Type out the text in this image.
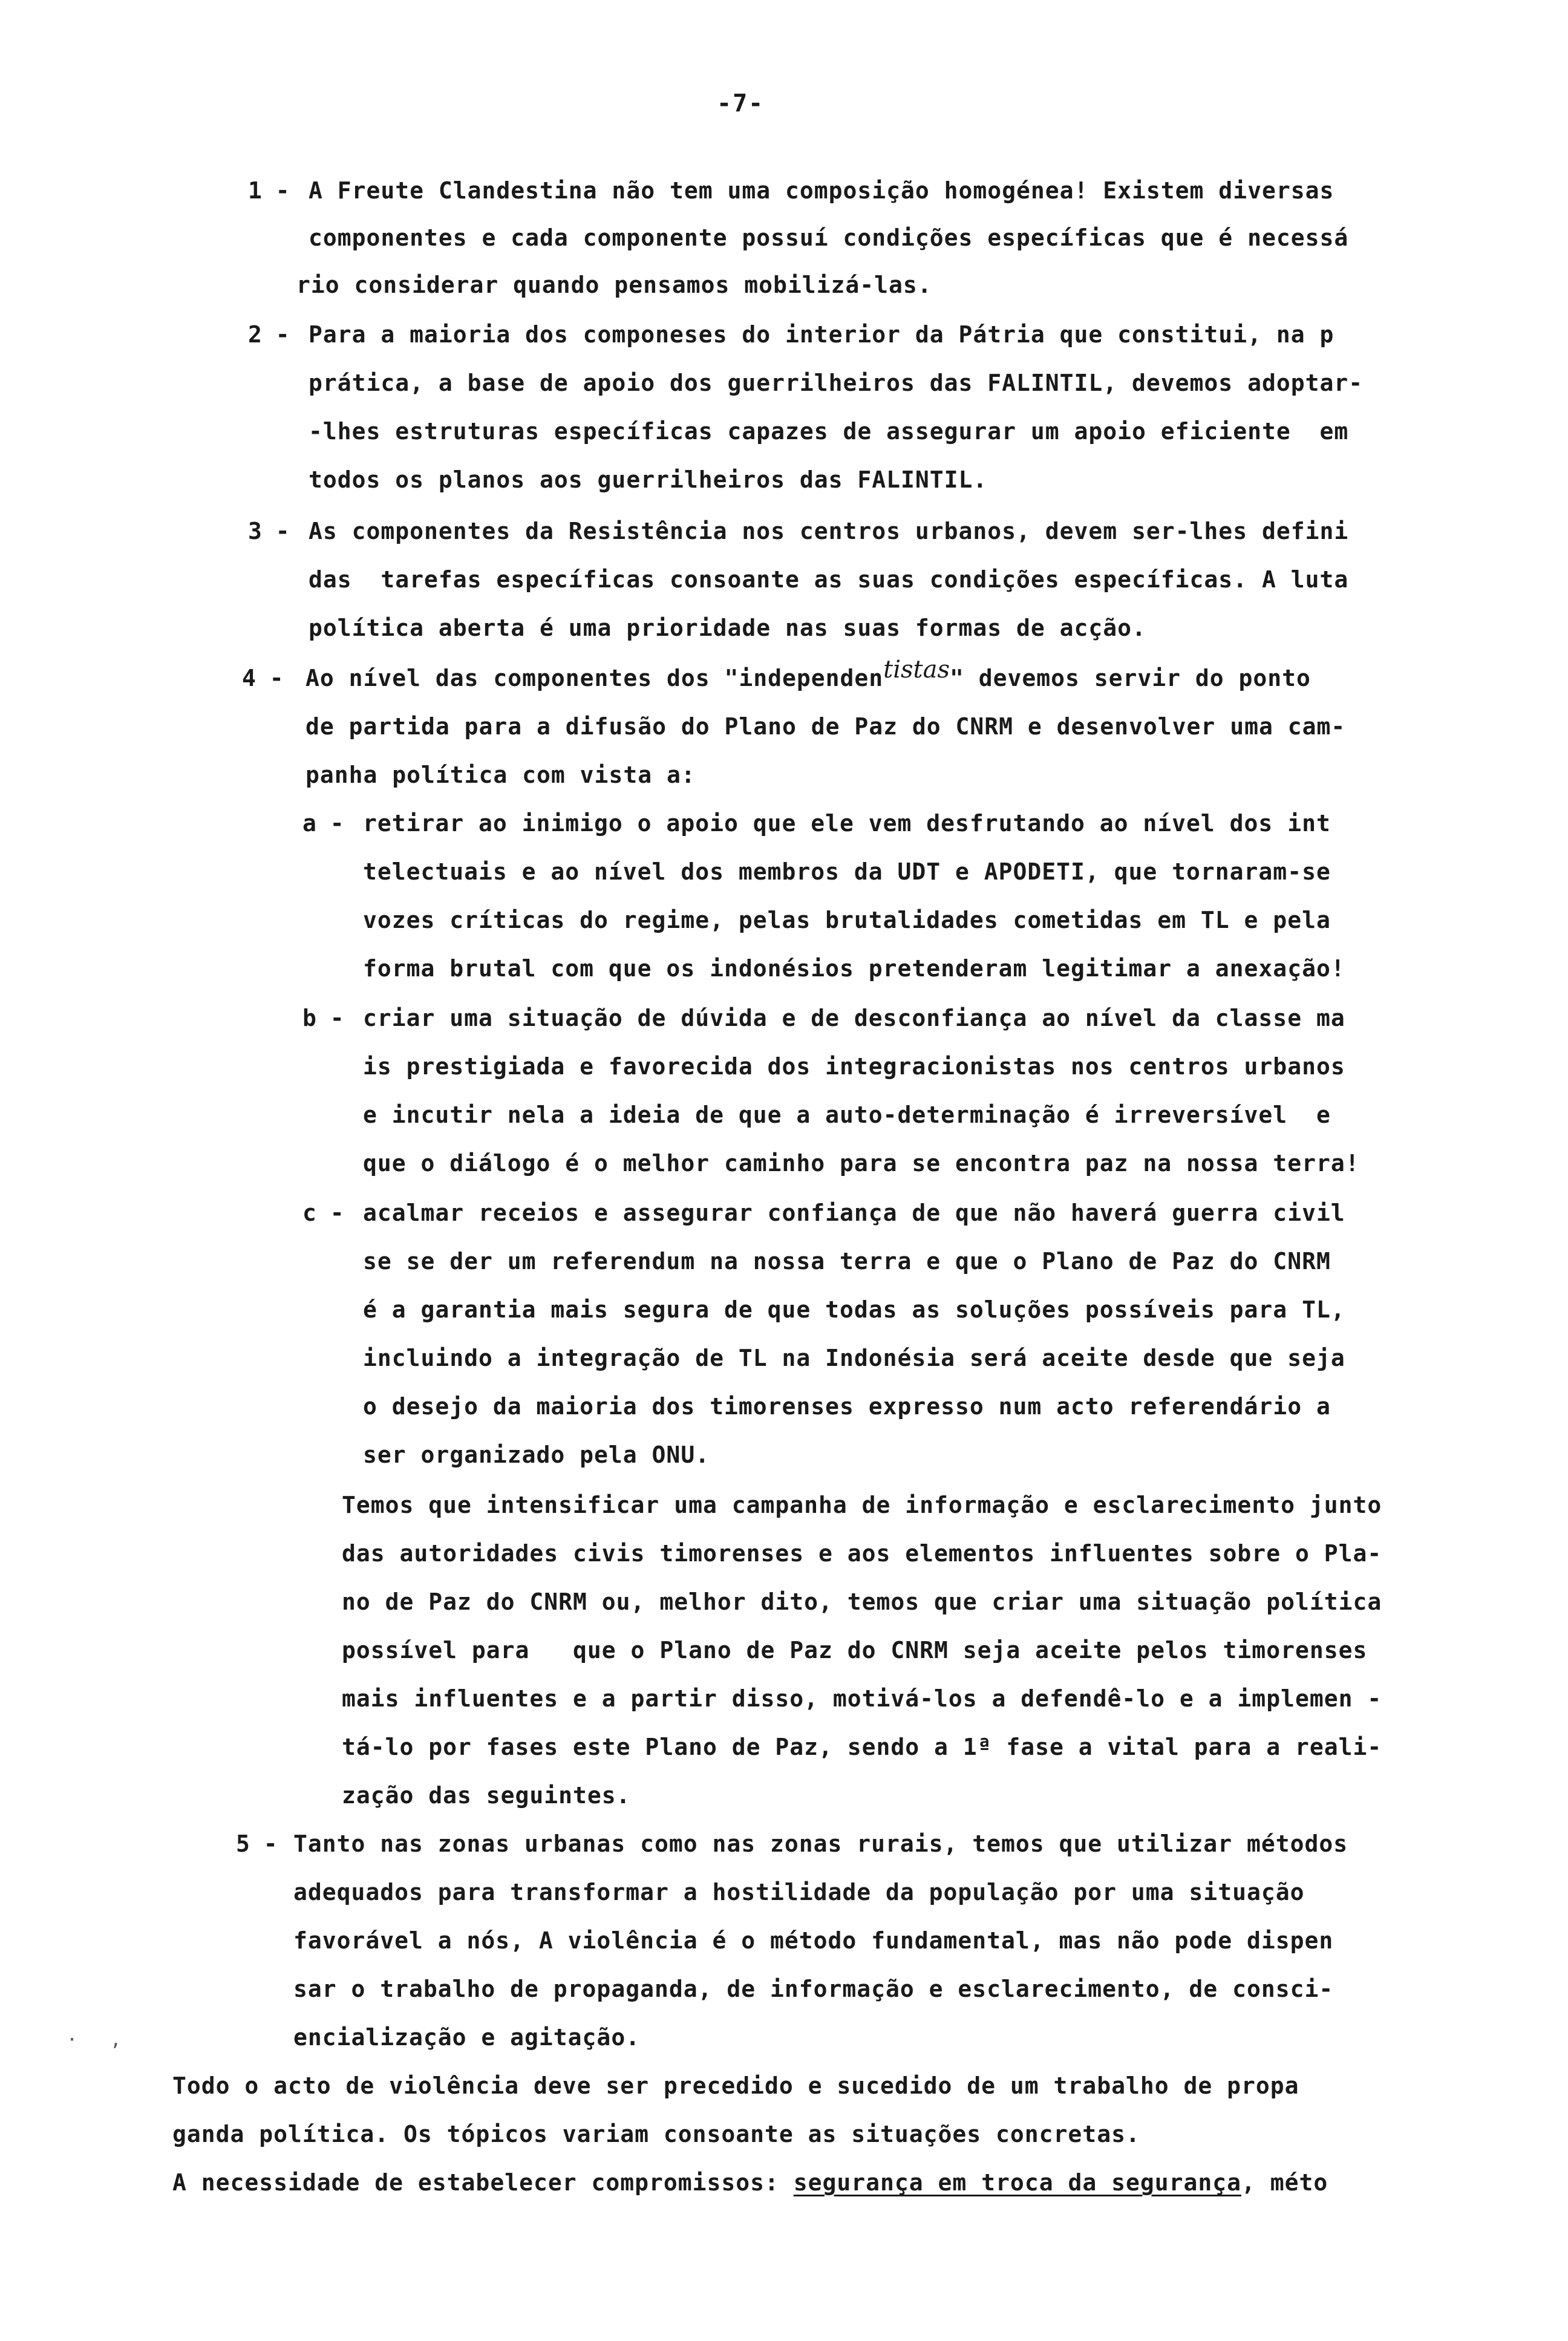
-7-
1 - A Freute Clandestina não tem uma composição homogénea! Existem diversas
componentes e cada componente possuí condições específicas que é necessá
rio considerar quando pensamos mobilizá-las.
2 - Para a maioria dos componeses do interior da Pátria que constitui, na p
prática, a base de apoio dos guerrilheiros das FALINTIL, devemos adoptar-
-lhes estruturas específicas capazes de assegurar um apoio eficiente  em
todos os planos aos guerrilheiros das FALINTIL.
3 - As componentes da Resistência nos centros urbanos, devem ser-lhes defini
das  tarefas específicas consoante as suas condições específicas. A luta
política aberta é uma prioridade nas suas formas de acção.
4 - Ao nível das componentes dos "independentistas" devemos servir do ponto
de partida para a difusão do Plano de Paz do CNRM e desenvolver uma cam-
panha política com vista a:
a - retirar ao inimigo o apoio que ele vem desfrutando ao nível dos int
telectuais e ao nível dos membros da UDT e APODETI, que tornaram-se
vozes críticas do regime, pelas brutalidades cometidas em TL e pela
forma brutal com que os indonésios pretenderam legitimar a anexação!
b - criar uma situação de dúvida e de desconfiança ao nível da classe ma
is prestigiada e favorecida dos integracionistas nos centros urbanos
e incutir nela a ideia de que a auto-determinação é irreversível  e
que o diálogo é o melhor caminho para se encontra paz na nossa terra!
c - acalmar receios e assegurar confiança de que não haverá guerra civil
se se der um referendum na nossa terra e que o Plano de Paz do CNRM
é a garantia mais segura de que todas as soluções possíveis para TL,
incluindo a integração de TL na Indonésia será aceite desde que seja
o desejo da maioria dos timorenses expresso num acto referendário a
ser organizado pela ONU.
Temos que intensificar uma campanha de informação e esclarecimento junto
das autoridades civis timorenses e aos elementos influentes sobre o Pla-
no de Paz do CNRM ou, melhor dito, temos que criar uma situação política
possível para   que o Plano de Paz do CNRM seja aceite pelos timorenses
mais influentes e a partir disso, motivá-los a defendê-lo e a implemen -
tá-lo por fases este Plano de Paz, sendo a 1ª fase a vital para a reali-
zação das seguintes.
5 - Tanto nas zonas urbanas como nas zonas rurais, temos que utilizar métodos
adequados para transformar a hostilidade da população por uma situação
favorável a nós, A violência é o método fundamental, mas não pode dispen
sar o trabalho de propaganda, de informação e esclarecimento, de consci-
encialização e agitação.
·   ,
Todo o acto de violência deve ser precedido e sucedido de um trabalho de propa
ganda política. Os tópicos variam consoante as situações concretas.
A necessidade de estabelecer compromissos: segurança em troca da segurança, méto
